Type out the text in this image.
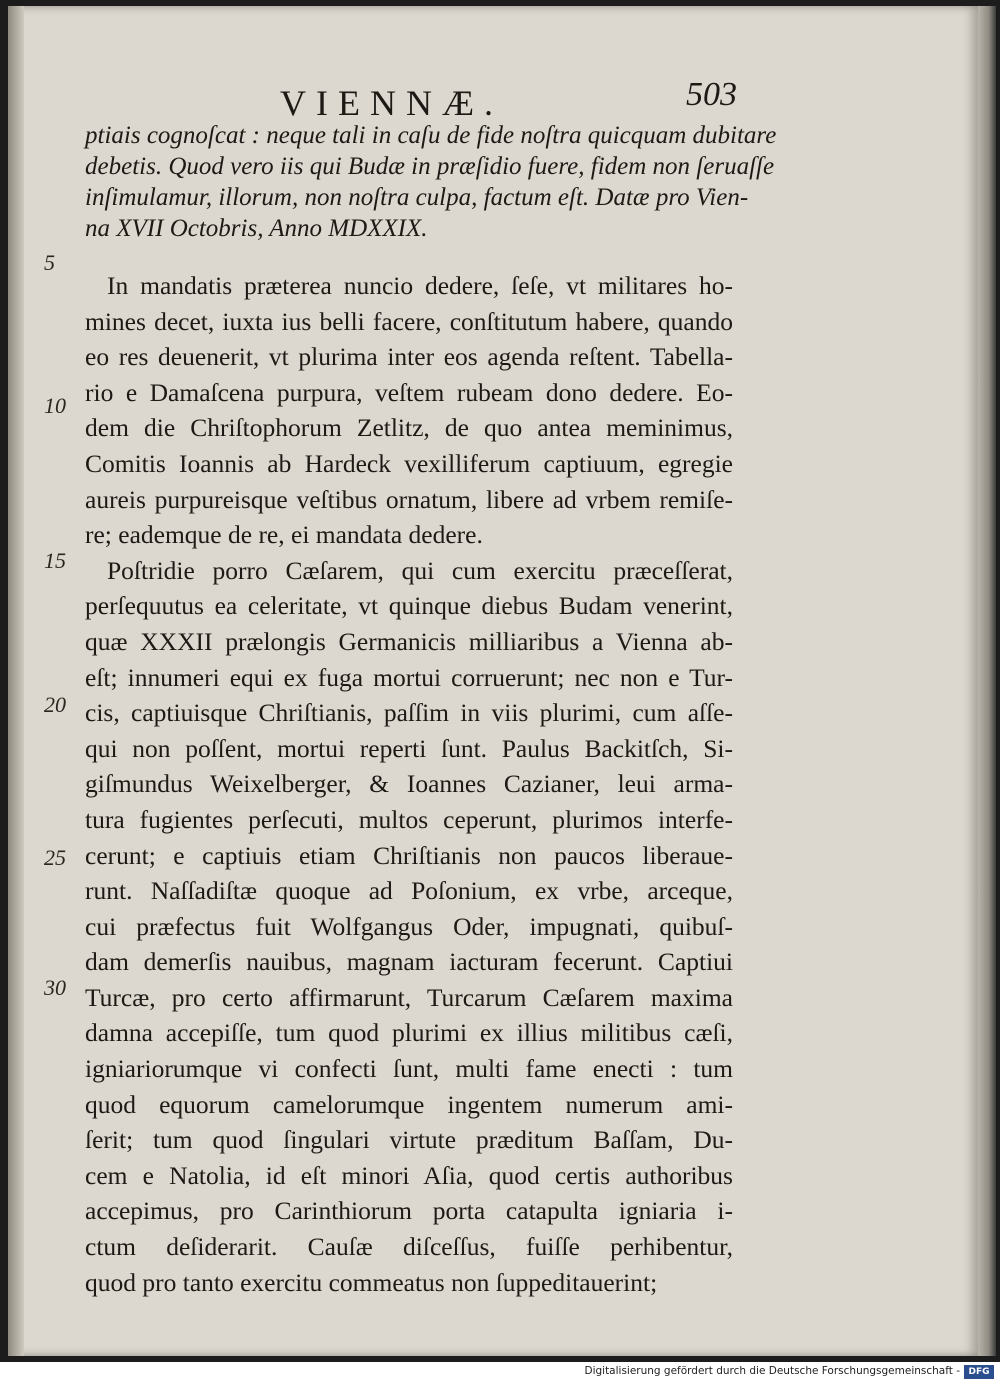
VIENNÆ.	503
ptiais cognoſcat : neque tali in caſu de fide noſtra quicquam dubitare
debetis. Quod vero iis qui Budæ in præſidio fuere, fidem non ſeruaſſe
inſimulamur, illorum, non noſtra culpa, factum eſt. Datæ pro Vien-
na XVII Octobris, Anno MDXXIX.
5
10
15
20
25
30
In mandatis præterea nuncio dedere, ſeſe, vt militares ho-
mines decet, iuxta ius belli facere, conſtitutum habere, quando
eo res deuenerit, vt plurima inter eos agenda reſtent. Tabella-
rio e Damaſcena purpura, veſtem rubeam dono dedere. Eo-
dem die Chriſtophorum Zetlitz, de quo antea meminimus,
Comitis Ioannis ab Hardeck vexilliferum captiuum, egregie
aureis purpureisque veſtibus ornatum, libere ad vrbem remiſe-
re; eademque de re, ei mandata dedere.
Poſtridie porro Cæſarem, qui cum exercitu præceſſerat,
perſequutus ea celeritate, vt quinque diebus Budam venerint,
quæ XXXII prælongis Germanicis milliaribus a Vienna ab-
eſt; innumeri equi ex fuga mortui corruerunt; nec non e Tur-
cis, captiuisque Chriſtianis, paſſim in viis plurimi, cum aſſe-
qui non poſſent, mortui reperti ſunt. Paulus Backitſch, Si-
giſmundus Weixelberger, & Ioannes Cazianer, leui arma-
tura fugientes perſecuti, multos ceperunt, plurimos interfe-
cerunt; e captiuis etiam Chriſtianis non paucos liberaue-
runt. Naſſadiſtæ quoque ad Poſonium, ex vrbe, arceque,
cui præfectus fuit Wolfgangus Oder, impugnati, quibuſ-
dam demerſis nauibus, magnam iacturam fecerunt. Captiui
Turcæ, pro certo affirmarunt, Turcarum Cæſarem maxima
damna accepiſſe, tum quod plurimi ex illius militibus cæſi,
igniariorumque vi confecti ſunt, multi fame enecti : tum
quod equorum camelorumque ingentem numerum ami-
ſerit; tum quod ſingulari virtute præditum Baſſam, Du-
cem e Natolia, id eſt minori Aſia, quod certis authoribus
accepimus, pro Carinthiorum porta catapulta igniaria i-
ctum deſiderarit. Cauſæ diſceſſus, fuiſſe perhibentur,
quod pro tanto exercitu commeatus non ſuppeditauerint;
Digitalisierung gefördert durch die Deutsche Forschungsgemeinschaft - DFG
